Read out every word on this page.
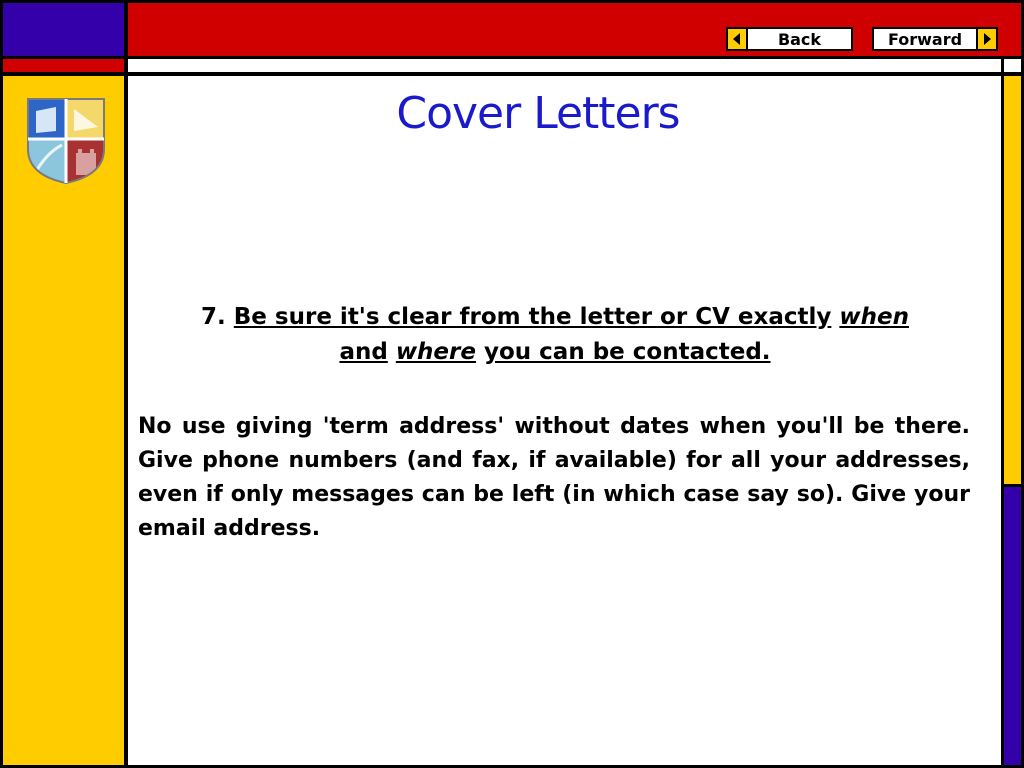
Back	Forward
Cover Letters
7. Be sure it's clear from the letter or CV exactly when
and where you can be contacted.
No use giving 'term address' without dates when you'll be there. Give phone numbers (and fax, if available) for all your addresses, even if only messages can be left (in which case say so). Give your email address.
